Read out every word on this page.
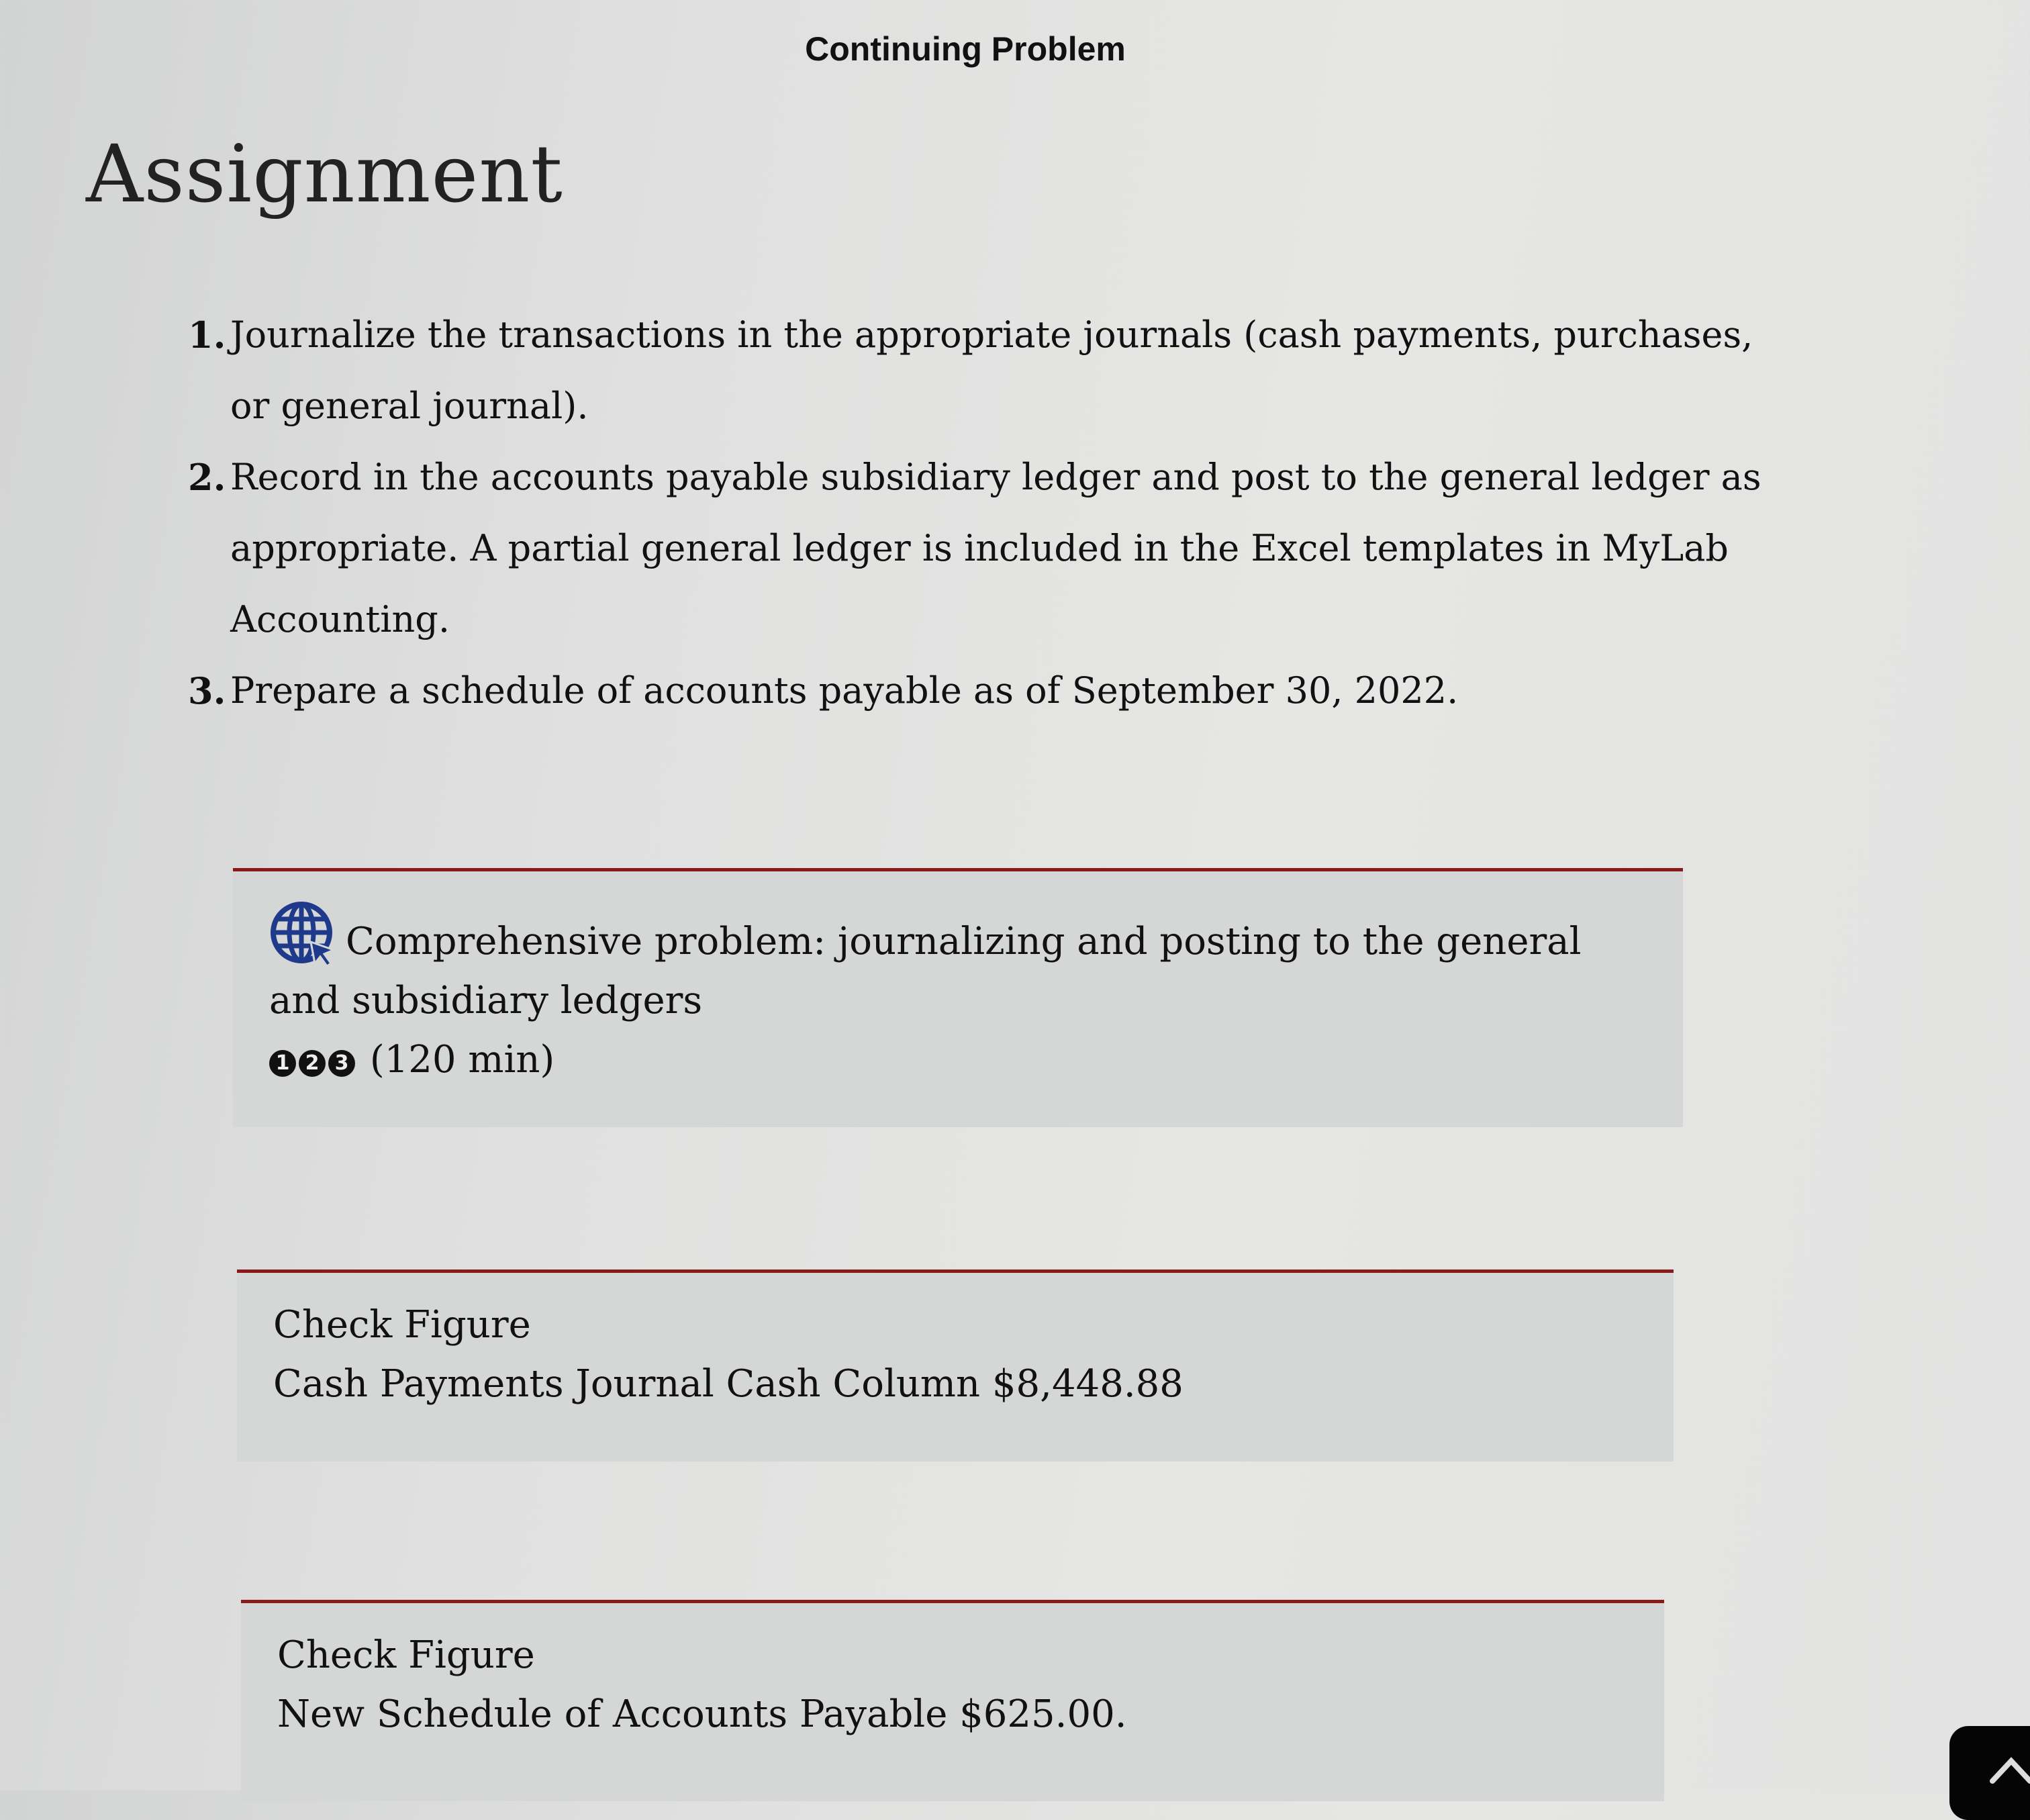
Continuing Problem
Assignment
1. Journalize the transactions in the appropriate journals (cash payments, purchases, or general journal).
2. Record in the accounts payable subsidiary ledger and post to the general ledger as appropriate. A partial general ledger is included in the Excel templates in MyLab Accounting.
3. Prepare a schedule of accounts payable as of September 30, 2022.
Comprehensive problem: journalizing and posting to the general and subsidiary ledgers
1 2 3 (120 min)
Check Figure
Cash Payments Journal Cash Column $8,448.88
Check Figure
New Schedule of Accounts Payable $625.00.
